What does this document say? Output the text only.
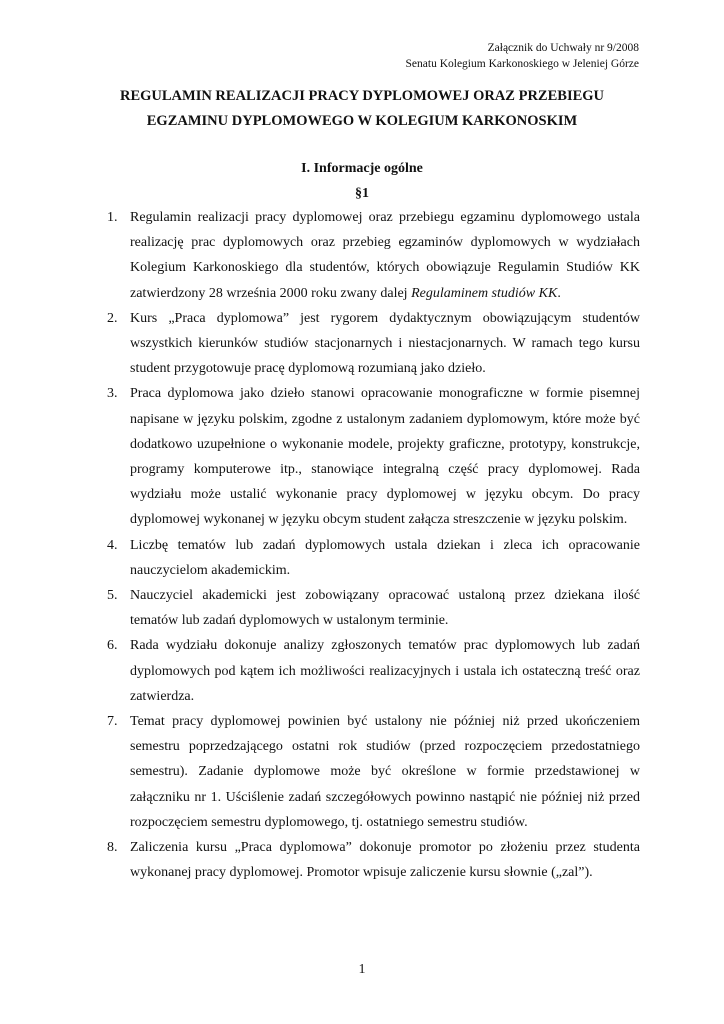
Załącznik do Uchwały nr 9/2008
Senatu Kolegium Karkonoskiego w Jeleniej Górze
REGULAMIN REALIZACJI PRACY DYPLOMOWEJ ORAZ PRZEBIEGU
EGZAMINU DYPLOMOWEGO W KOLEGIUM KARKONOSKIM
I. Informacje ogólne
§1
1. Regulamin realizacji pracy dyplomowej oraz przebiegu egzaminu dyplomowego ustala realizację prac dyplomowych oraz przebieg egzaminów dyplomowych w wydziałach Kolegium Karkonoskiego dla studentów, których obowiązuje Regulamin Studiów KK zatwierdzony 28 września 2000 roku zwany dalej Regulaminem studiów KK.
2. Kurs „Praca dyplomowa” jest rygorem dydaktycznym obowiązującym studentów wszystkich kierunków studiów stacjonarnych i niestacjonarnych. W ramach tego kursu student przygotowuje pracę dyplomową rozumianą jako dzieło.
3. Praca dyplomowa jako dzieło stanowi opracowanie monograficzne w formie pisemnej napisane w języku polskim, zgodne z ustalonym zadaniem dyplomowym, które może być dodatkowo uzupełnione o wykonanie modele, projekty graficzne, prototypy, konstrukcje, programy komputerowe itp., stanowiące integralną część pracy dyplomowej. Rada wydziału może ustalić wykonanie pracy dyplomowej w języku obcym. Do pracy dyplomowej wykonanej w języku obcym student załącza streszczenie w języku polskim.
4. Liczbę tematów lub zadań dyplomowych ustala dziekan i zleca ich opracowanie nauczycielom akademickim.
5. Nauczyciel akademicki jest zobowiązany opracować ustaloną przez dziekana ilość tematów lub zadań dyplomowych w ustalonym terminie.
6. Rada wydziału dokonuje analizy zgłoszonych tematów prac dyplomowych lub zadań dyplomowych pod kątem ich możliwości realizacyjnych i ustala ich ostateczną treść oraz zatwierdza.
7. Temat pracy dyplomowej powinien być ustalony nie później niż przed ukończeniem semestru poprzedzającego ostatni rok studiów (przed rozpoczęciem przedostatniego semestru). Zadanie dyplomowe może być określone w formie przedstawionej w załączniku nr 1. Uściślenie zadań szczegółowych powinno nastąpić nie później niż przed rozpoczęciem semestru dyplomowego, tj. ostatniego semestru studiów.
8. Zaliczenia kursu „Praca dyplomowa” dokonuje promotor po złożeniu przez studenta wykonanej pracy dyplomowej. Promotor wpisuje zaliczenie kursu słownie („zal”).
1
